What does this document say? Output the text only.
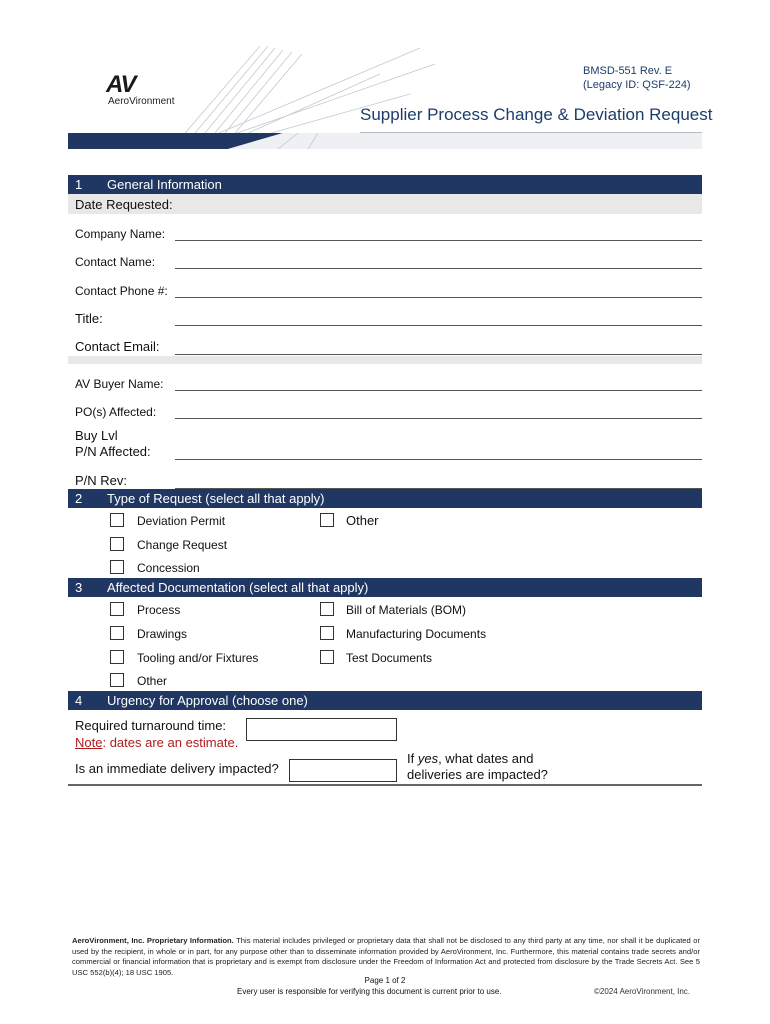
AV
AeroVironment
BMSD-551 Rev. E
(Legacy ID: QSF-224)
Supplier Process Change & Deviation Request
1 General Information
Date Requested:
Company Name:
Contact Name:
Contact Phone #:
Title:
Contact Email:
AV Buyer Name:
PO(s) Affected:
Buy Lvl
P/N Affected:
P/N Rev:
2 Type of Request (select all that apply)
Deviation Permit	Other
Change Request
Concession
3 Affected Documentation (select all that apply)
Process	Bill of Materials (BOM)
Drawings	Manufacturing Documents
Tooling and/or Fixtures	Test Documents
Other
4 Urgency for Approval (choose one)
Required turnaround time:
Note: dates are an estimate.
Is an immediate delivery impacted?
If yes, what dates and
deliveries are impacted?
AeroVironment, Inc. Proprietary Information. This material includes privileged or proprietary data that shall not be disclosed to any third party at any time, nor shall it be duplicated or used by the recipient, in whole or in part, for any purpose other than to disseminate information provided by AeroVironment, Inc. Furthermore, this material contains trade secrets and/or commercial or financial information that is proprietary and is exempt from disclosure under the Freedom of Information Act and protected from disclosure by the Trade Secrets Act. See 5 USC 552(b)(4); 18 USC 1905.
Page 1 of 2
Every user is responsible for verifying this document is current prior to use.	©2024 AeroVironment, Inc.
